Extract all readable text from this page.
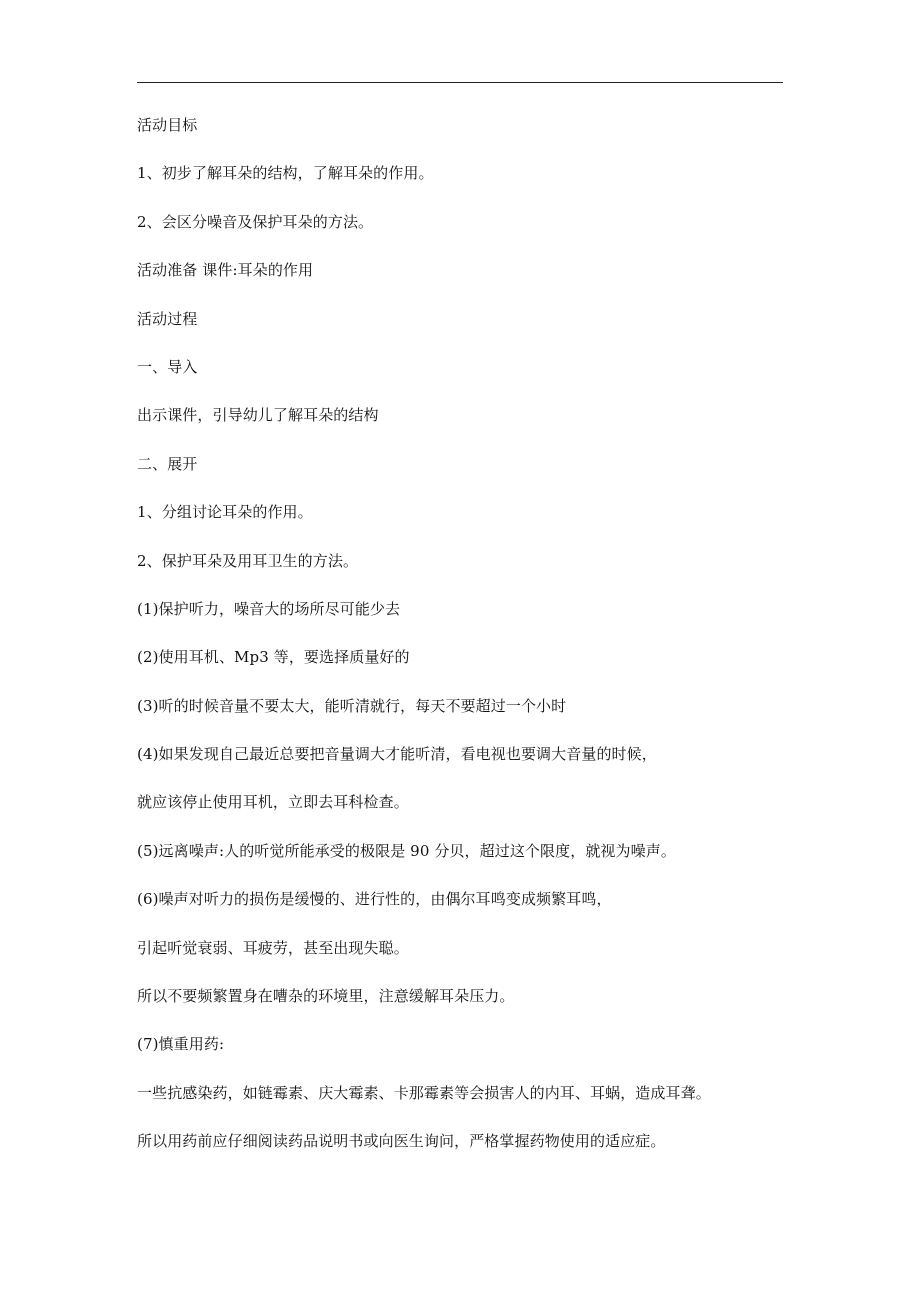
活动目标
1、初步了解耳朵的结构，了解耳朵的作用。
2、会区分噪音及保护耳朵的方法。
活动准备 课件:耳朵的作用
活动过程
一、导入
出示课件，引导幼儿了解耳朵的结构
二、展开
1、分组讨论耳朵的作用。
2、保护耳朵及用耳卫生的方法。
(1)保护听力，噪音大的场所尽可能少去
(2)使用耳机、Mp3 等，要选择质量好的
(3)听的时候音量不要太大，能听清就行，每天不要超过一个小时
(4)如果发现自己最近总要把音量调大才能听清，看电视也要调大音量的时候，
就应该停止使用耳机，立即去耳科检查。
(5)远离噪声:人的听觉所能承受的极限是 90 分贝，超过这个限度，就视为噪声。
(6)噪声对听力的损伤是缓慢的、进行性的，由偶尔耳鸣变成频繁耳鸣，
引起听觉衰弱、耳疲劳，甚至出现失聪。
所以不要频繁置身在嘈杂的环境里，注意缓解耳朵压力。
(7)慎重用药:
一些抗感染药，如链霉素、庆大霉素、卡那霉素等会损害人的内耳、耳蜗，造成耳聋。
所以用药前应仔细阅读药品说明书或向医生询问，严格掌握药物使用的适应症。
